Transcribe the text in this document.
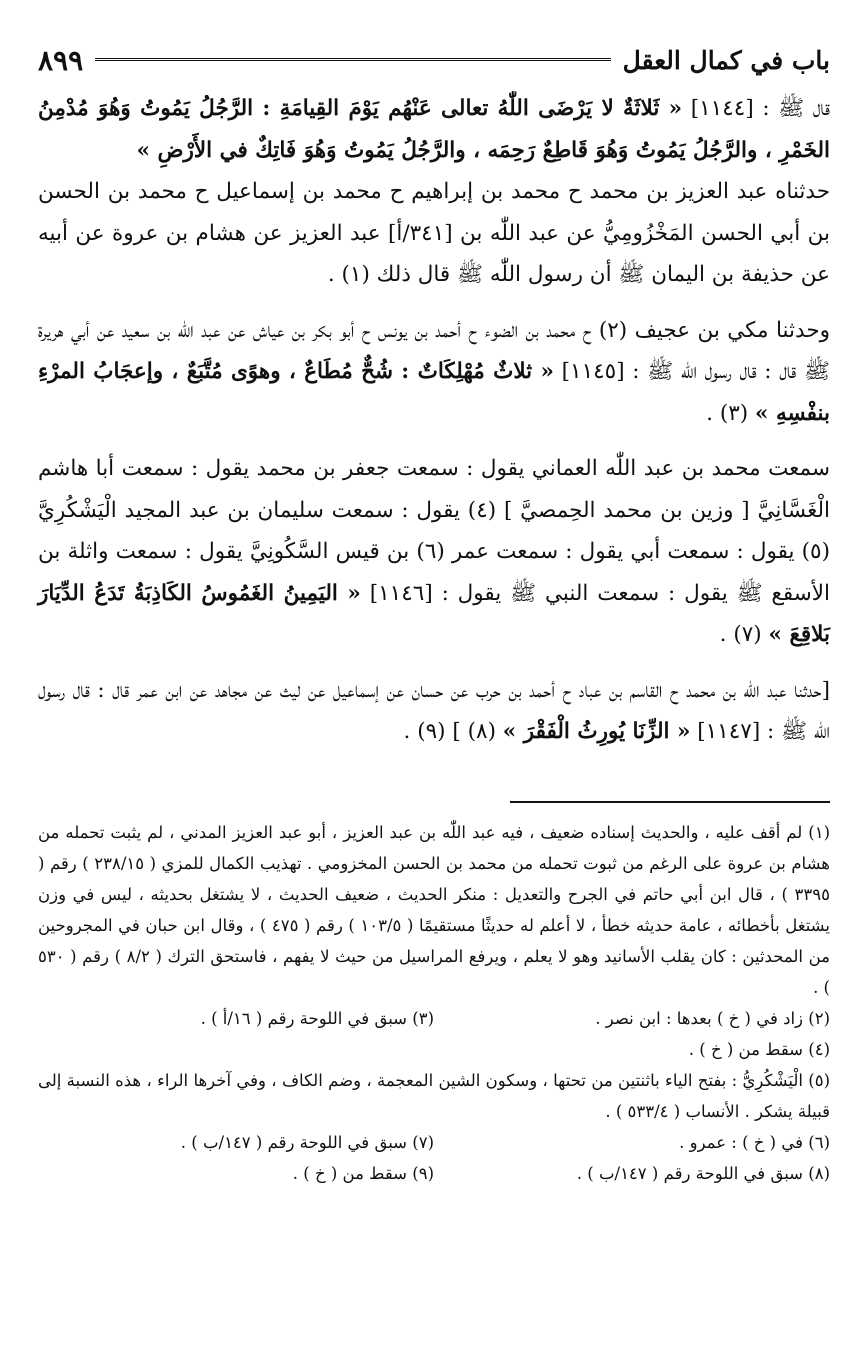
باب في كمال العقل
٨٩٩

قال ﷺ : [١١٤٤] « ثَلاثَةٌ لا يَرْضَى اللّٰهُ تعالى عَنْهُم يَوْمَ القِيامَةِ : الرَّجُلُ يَمُوتُ وَهُوَ مُدْمِنُ الخَمْرِ ، والرَّجُلُ يَمُوتُ وَهُوَ قَاطِعٌ رَحِمَه ، والرَّجُلُ يَمُوتُ وَهُوَ فَاتِكٌ في الأَرْضِ »

حدثناه عبد العزيز بن محمد ح محمد بن إبراهيم ح محمد بن إسماعيل ح محمد بن الحسن بن أبي الحسن المَخْزُومِيُّ عن عبد اللّٰه بن [٣٤١/أ] عبد العزيز عن هشام بن عروة عن أبيه عن حذيفة بن اليمان ﷺ أن رسول اللّٰه ﷺ قال ذلك (١) .

وحدثنا مكي بن عجيف (٢) ح محمد بن الضوء ح أحمد بن يونس ح أبو بكر بن عياش عن عبد اللّٰه بن سعيد عن أبي هريرة ﷺ قال : قال رسول اللّٰه ﷺ : [١١٤٥] « ثلاثٌ مُهْلِكَاتٌ : شُحٌّ مُطَاعٌ ، وهوًى مُتَّبَعٌ ، وإعجَابُ المرْءِ بنفْسِهِ » (٣) .

سمعت محمد بن عبد اللّٰه العماني يقول : سمعت جعفر بن محمد يقول : سمعت أبا هاشم الْغَسَّانِيَّ [ وزين بن محمد الحِمصيَّ ] (٤) يقول : سمعت سليمان بن عبد المجيد الْيَشْكُرِيَّ (٥) يقول : سمعت أبي يقول : سمعت عمر (٦) بن قيس السَّكُونِيَّ يقول : سمعت واثلة بن الأسقع ﷺ يقول : سمعت النبي ﷺ يقول : [١١٤٦] « اليَمِينُ الغَمُوسُ الكَاذِبَةُ تَدَعُ الدِّيَارَ بَلاقِعَ » (٧) .

[حدثنا عبد اللّٰه بن محمد ح القاسم بن عباد ح أحمد بن حرب عن حسان عن إسماعيل عن ليث عن مجاهد عن ابن عمر قال : قال رسول اللّٰه ﷺ : [١١٤٧] « الزِّنَا يُورِثُ الْفَقْرَ » (٨) ] (٩) .

(١) لم أقف عليه ، والحديث إسناده ضعيف ، فيه عبد اللّٰه بن عبد العزيز ، أبو عبد العزيز المدني ، لم يثبت تحمله من هشام بن عروة على الرغم من ثبوت تحمله من محمد بن الحسن المخزومي . تهذيب الكمال للمزي ( ٢٣٨/١٥ ) رقم ( ٣٣٩٥ ) ، قال ابن أبي حاتم في الجرح والتعديل : منكر الحديث ، ضعيف الحديث ، لا يشتغل بحديثه ، ليس في وزن يشتغل بأخطائه ، عامة حديثه خطأ ، لا أعلم له حديثًا مستقيمًا ( ١٠٣/٥ ) رقم ( ٤٧٥ ) ، وقال ابن حبان في المجروحين من المحدثين : كان يقلب الأسانيد وهو لا يعلم ، ويرفع المراسيل من حيث لا يفهم ، فاستحق الترك ( ٨/٢ ) رقم ( ٥٣٠ ) .

(٢) زاد في ( خ ) بعدها : ابن نصر .

(٣) سبق في اللوحة رقم ( ١٦/أ ) .

(٤) سقط من ( خ ) .

(٥) الْيَشْكُرِيُّ : بفتح الياء باثنتين من تحتها ، وسكون الشين المعجمة ، وضم الكاف ، وفي آخرها الراء ، هذه النسبة إلى قبيلة يشكر . الأنساب ( ٥٣٣/٤ ) .

(٦) في ( خ ) : عمرو .

(٧) سبق في اللوحة رقم ( ١٤٧/ب ) .

(٨) سبق في اللوحة رقم ( ١٤٧/ب ) .

(٩) سقط من ( خ ) .
